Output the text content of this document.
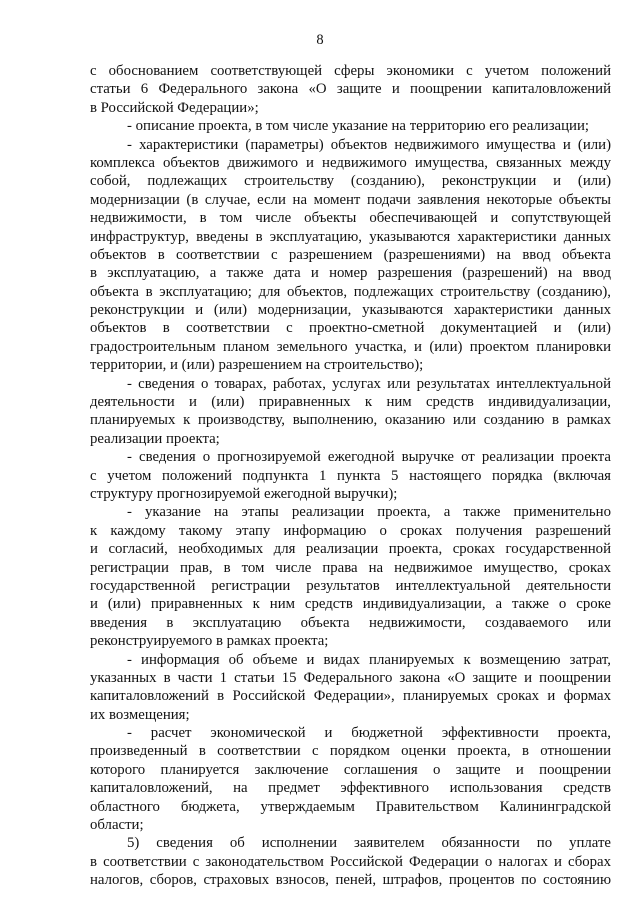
8
с обоснованием соответствующей сферы экономики с учетом положений
статьи 6 Федерального закона «О защите и поощрении капиталовложений
в Российской Федерации»;
- описание проекта, в том числе указание на территорию его реализации;
- характеристики (параметры) объектов недвижимого имущества и (или)
комплекса объектов движимого и недвижимого имущества, связанных между
собой, подлежащих строительству (созданию), реконструкции и (или)
модернизации (в случае, если на момент подачи заявления некоторые объекты
недвижимости, в том числе объекты обеспечивающей и сопутствующей
инфраструктур, введены в эксплуатацию, указываются характеристики данных
объектов в соответствии с разрешением (разрешениями) на ввод объекта
в эксплуатацию, а также дата и номер разрешения (разрешений) на ввод
объекта в эксплуатацию; для объектов, подлежащих строительству (созданию),
реконструкции и (или) модернизации, указываются характеристики данных
объектов в соответствии с проектно-сметной документацией и (или)
градостроительным планом земельного участка, и (или) проектом планировки
территории, и (или) разрешением на строительство);
- сведения о товарах, работах, услугах или результатах интеллектуальной
деятельности и (или) приравненных к ним средств индивидуализации,
планируемых к производству, выполнению, оказанию или созданию в рамках
реализации проекта;
- сведения о прогнозируемой ежегодной выручке от реализации проекта
с учетом положений подпункта 1 пункта 5 настоящего порядка (включая
структуру прогнозируемой ежегодной выручки);
- указание на этапы реализации проекта, а также применительно
к каждому такому этапу информацию о сроках получения разрешений
и согласий, необходимых для реализации проекта, сроках государственной
регистрации прав, в том числе права на недвижимое имущество, сроках
государственной регистрации результатов интеллектуальной деятельности
и (или) приравненных к ним средств индивидуализации, а также о сроке
введения в эксплуатацию объекта недвижимости, создаваемого или
реконструируемого в рамках проекта;
- информация об объеме и видах планируемых к возмещению затрат,
указанных в части 1 статьи 15 Федерального закона «О защите и поощрении
капиталовложений в Российской Федерации», планируемых сроках и формах
их возмещения;
- расчет экономической и бюджетной эффективности проекта,
произведенный в соответствии с порядком оценки проекта, в отношении
которого планируется заключение соглашения о защите и поощрении
капиталовложений, на предмет эффективного использования средств
областного бюджета, утверждаемым Правительством Калининградской
области;
5) сведения об исполнении заявителем обязанности по уплате
в соответствии с законодательством Российской Федерации о налогах и сборах
налогов, сборов, страховых взносов, пеней, штрафов, процентов по состоянию
